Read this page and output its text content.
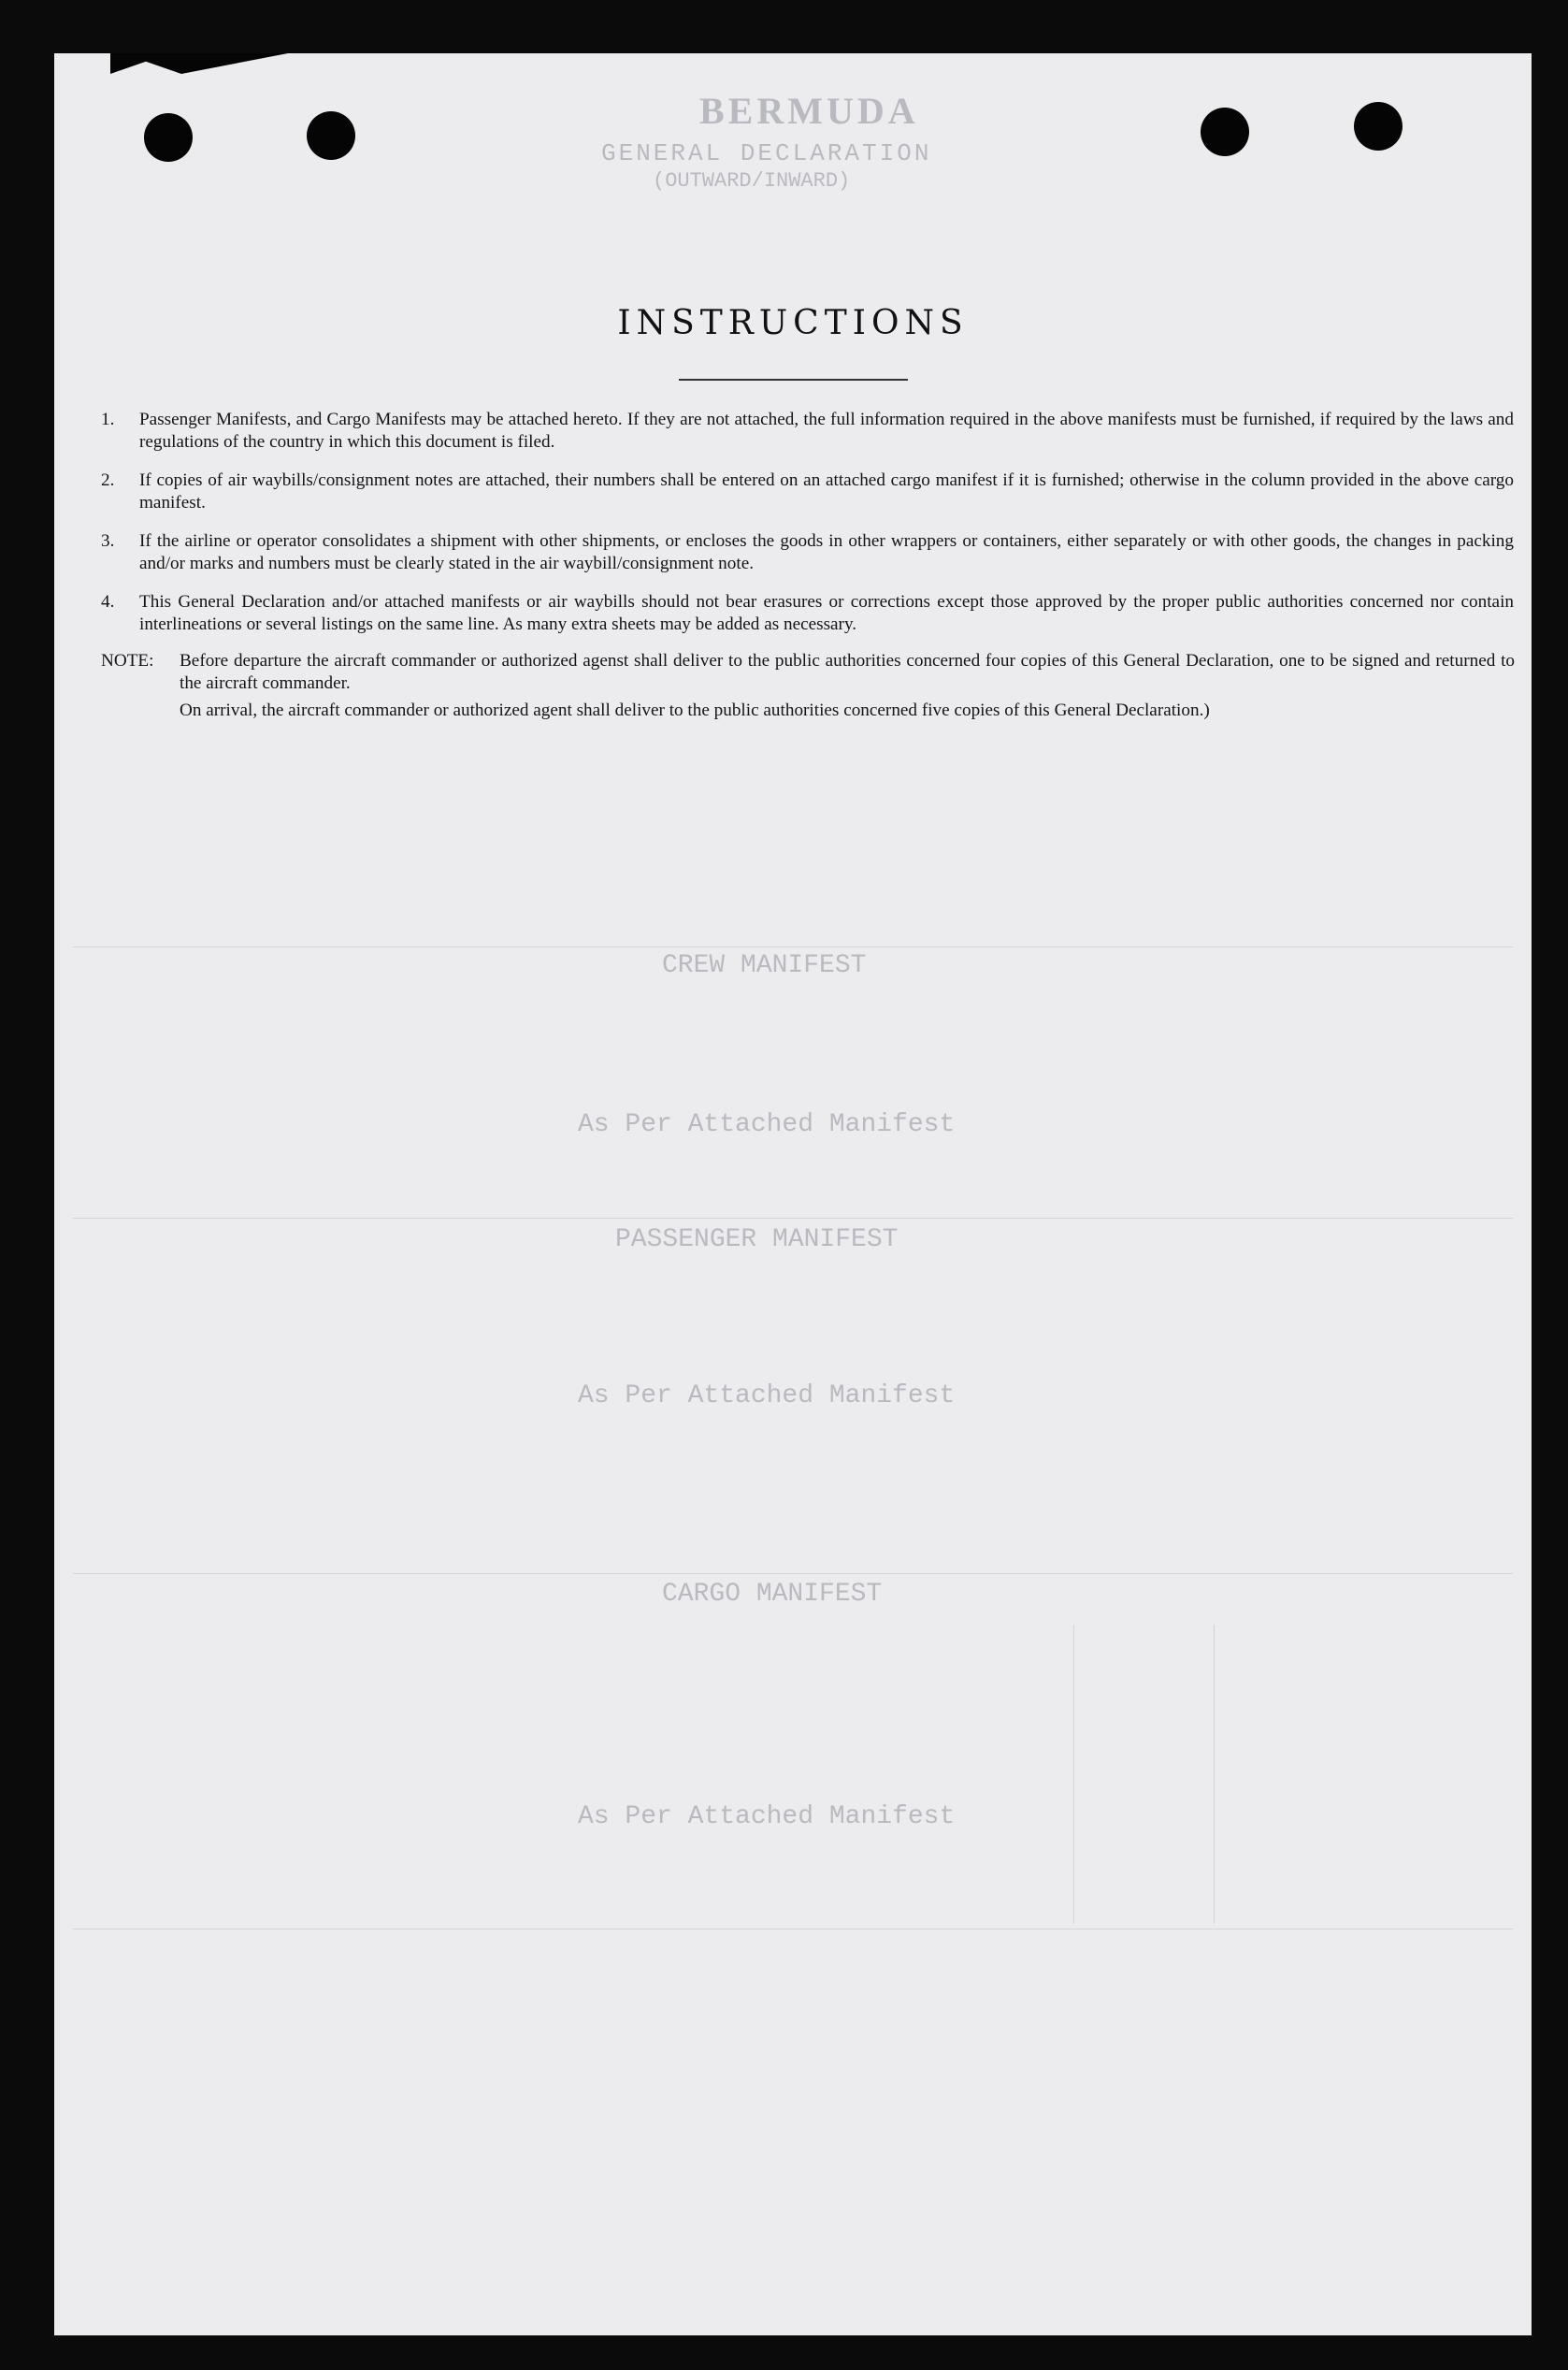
BERMUDA
GENERAL DECLARATION
(OUTWARD/INWARD)
CREW MANIFEST
As Per Attached Manifest
PASSENGER MANIFEST
As Per Attached Manifest
CARGO MANIFEST
As Per Attached Manifest
INSTRUCTIONS
1.	Passenger Manifests, and Cargo Manifests may be attached hereto. If they are not attached, the full information required in the above manifests must be furnished, if required by the laws and regulations of the country in which this document is filed.
2.	If copies of air waybills/consignment notes are attached, their numbers shall be entered on an attached cargo manifest if it is furnished; otherwise in the column provided in the above cargo manifest.
3.	If the airline or operator consolidates a shipment with other shipments, or encloses the goods in other wrappers or containers, either separately or with other goods, the changes in packing and/or marks and numbers must be clearly stated in the air waybill/consignment note.
4.	This General Declaration and/or attached manifests or air waybills should not bear erasures or corrections except those approved by the proper public authorities concerned nor contain interlineations or several listings on the same line. As many extra sheets may be added as necessary.
NOTE:	Before departure the aircraft commander or authorized agenst shall deliver to the public authorities concerned four copies of this General Declaration, one to be signed and returned to the aircraft commander.
On arrival, the aircraft commander or authorized agent shall deliver to the public authorities concerned five copies of this General Declaration.)
